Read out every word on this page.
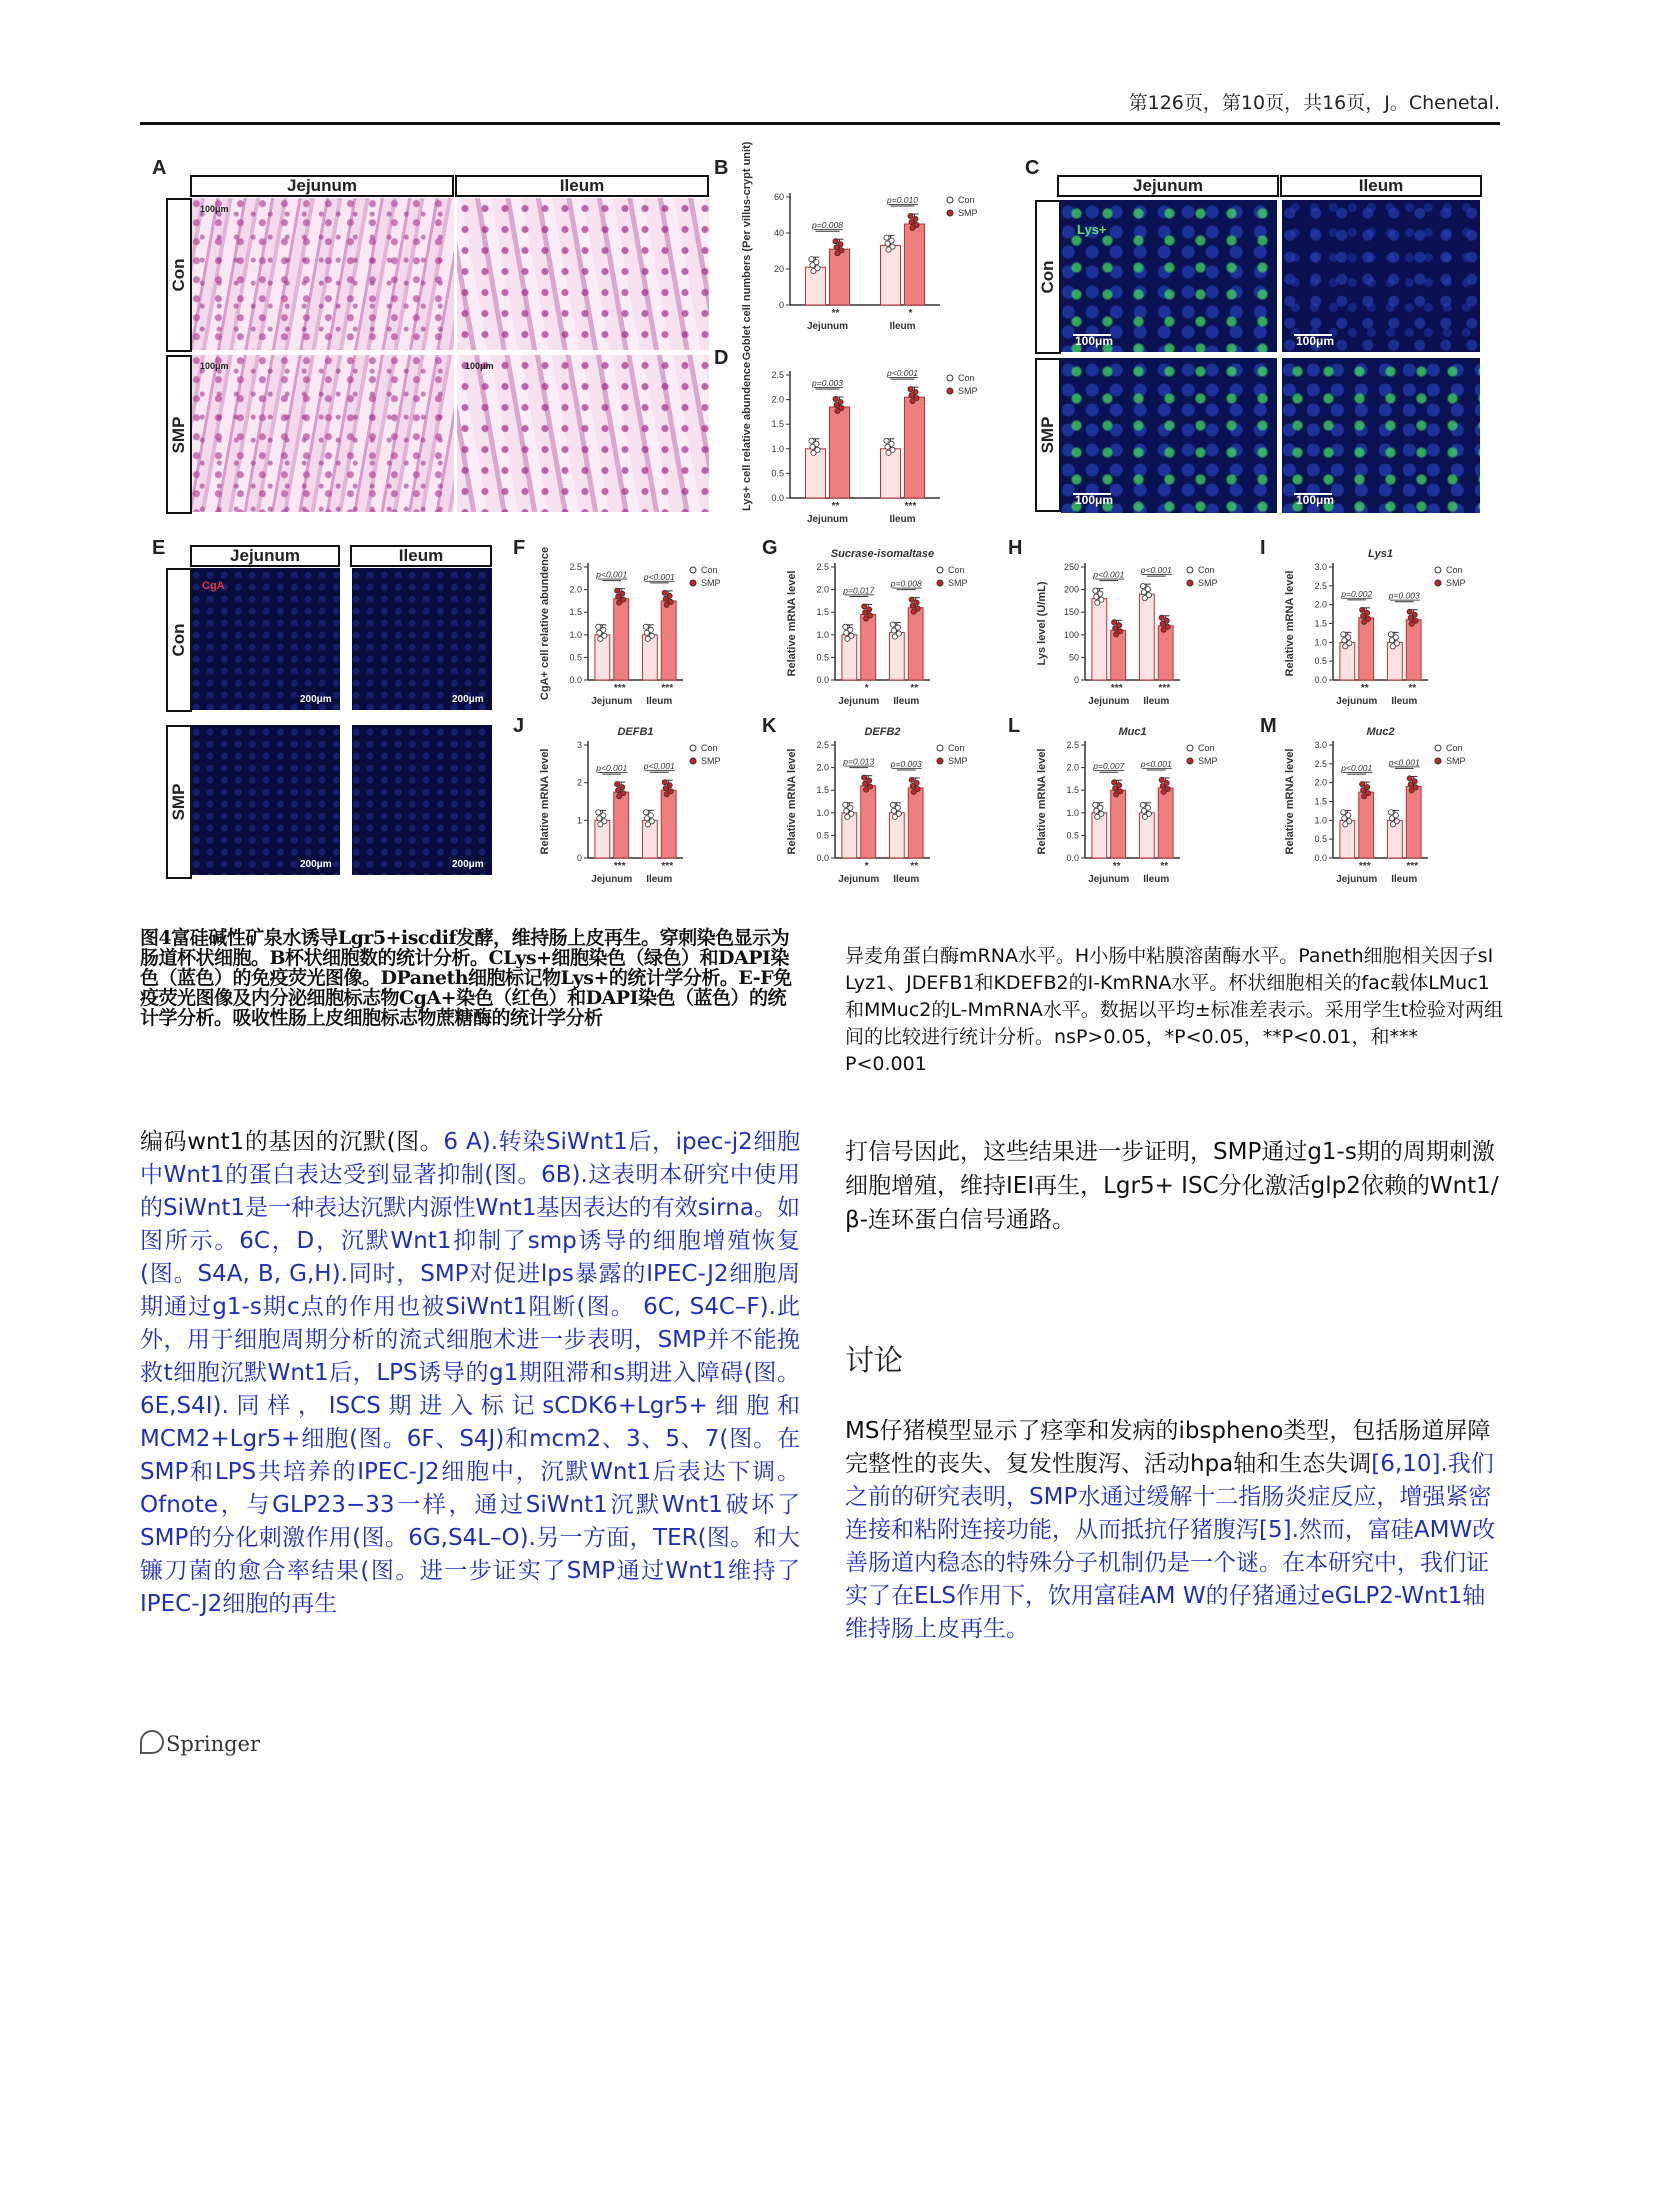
第126页，第10页，共16页，J。Chenetal.
A
Jejunum	Ileum
Con
SMP
100μm
100μm	100μm
B Goblet cell numbers (Per villus-crypt unit)	0
20
40
60
p=0.008
**
Jejunum
p=0.010
*
Ileum
Con
SMP
D
Lys+ cell relative abundence 0.0
0.5
1.0
1.5
2.0
2.5
p=0.003
**
Jejunum
p<0.001
***
Ileum
Con
SMP
C
Jejunum	Ileum
Con
SMP
Lys+
100μm	100μm
100μm	100μm
E	Jejunum	Ileum
Con
SMP
CgA
200μm	200μm
200μm	200μm
F CgA+ cell relative abundence 0.0
0.5
1.0
1.5
2.0
2.5
p<0.001
***
Jejunum
p<0.001
***
Ileum
Con
SMP
G
Relative mRNA level
Sucrase-isomaltase
0.0
0.5
1.0
1.5
2.0
2.5
p=0.017
*
Jejunum
p=0.008
**
Ileum
Con
SMP
H
Lys level (U/mL)
0
50
100
150
200
250
p<0.001
***
Jejunum
p<0.001
***
Ileum
Con
SMP
I
Relative mRNA level
Lys1
0.0
0.5
1.0
1.5
2.0
2.5
3.0
p=0.002
**
Jejunum
p=0.003
**
Ileum
Con
SMP
J
Relative mRNA level
DEFB1
0
1
2
3
p<0.001
***
Jejunum
p<0.001
***
Ileum
Con
SMP
K
Relative mRNA level
DEFB2
0.0
0.5
1.0
1.5
2.0
2.5
p=0.013
*
Jejunum
p=0.003
**
Ileum
Con
SMP
L
Relative mRNA level
Muc1
0.0
0.5
1.0
1.5
2.0
2.5
p=0.007
**
Jejunum
p<0.001
**
Ileum
Con
SMP
M
Relative mRNA level
Muc2
0.0
0.5
1.0
1.5
2.0
2.5
3.0
p<0.001
***
Jejunum
p<0.001
***
Ileum
Con
SMP
图4富硅碱性矿泉水诱导Lgr5+iscdif发酵，维持肠上皮再生。穿刺染色显示为肠道杯状细胞。B杯状细胞数的统计分析。CLys+细胞染色（绿色）和DAPI染色（蓝色）的免疫荧光图像。DPaneth细胞标记物Lys+的统计学分析。E-F免疫荧光图像及内分泌细胞标志物CgA+染色（红色）和DAPI染色（蓝色）的统计学分析。吸收性肠上皮细胞标志物蔗糖酶的统计学分析
异麦角蛋白酶mRNA水平。H小肠中粘膜溶菌酶水平。Paneth细胞相关因子sI Lyz1、JDEFB1和KDEFB2的I-KmRNA水平。杯状细胞相关的fac载体LMuc1和MMuc2的L-MmRNA水平。数据以平均±标准差表示。采用学生t检验对两组间的比较进行统计分析。nsP>0.05，*P<0.05，**P<0.01，和*** P<0.001
编码wnt1的基因的沉默(图。6 A).转染SiWnt1后，ipec-j2细胞中Wnt1的蛋白表达受到显著抑制(图。6B).这表明本研究中使用的SiWnt1是一种表达沉默内源性Wnt1基因表达的有效sirna。如图所示。6C，D，沉默Wnt1抑制了smp诱导的细胞增殖恢复(图。S4A, B, G,H).同时，SMP对促进lps暴露的IPEC-J2细胞周期通过g1-s期c点的作用也被SiWnt1阻断(图。 6C, S4C–F).此外，用于细胞周期分析的流式细胞术进一步表明，SMP并不能挽救t细胞沉默Wnt1后，LPS诱导的g1期阻滞和s期进入障碍(图。6E,S4I).同样，ISCS期进入标记sCDK6+Lgr5+细胞和MCM2+Lgr5+细胞(图。6F、S4J)和mcm2、3、5、7(图。在SMP和LPS共培养的IPEC-J2细胞中，沉默Wnt1后表达下调。Ofnote，与GLP23−33一样，通过SiWnt1沉默Wnt1破坏了SMP的分化刺激作用(图。6G,S4L–O).另一方面，TER(图。和大镰刀菌的愈合率结果(图。进一步证实了SMP通过Wnt1维持了IPEC-J2细胞的再生
打信号因此，这些结果进一步证明，SMP通过g1-s期的周期刺激细胞增殖，维持IEI再生，Lgr5+ ISC分化激活glp2依赖的Wnt1/β-连环蛋白信号通路。
讨论
MS仔猪模型显示了痉挛和发病的ibspheno类型，包括肠道屏障完整性的丧失、复发性腹泻、活动hpa轴和生态失调[6,10].我们之前的研究表明，SMP水通过缓解十二指肠炎症反应，增强紧密连接和粘附连接功能，从而抵抗仔猪腹泻[5].然而，富硅AMW改善肠道内稳态的特殊分子机制仍是一个谜。在本研究中，我们证实了在ELS作用下，饮用富硅AM W的仔猪通过eGLP2-Wnt1轴维持肠上皮再生。
Springer
